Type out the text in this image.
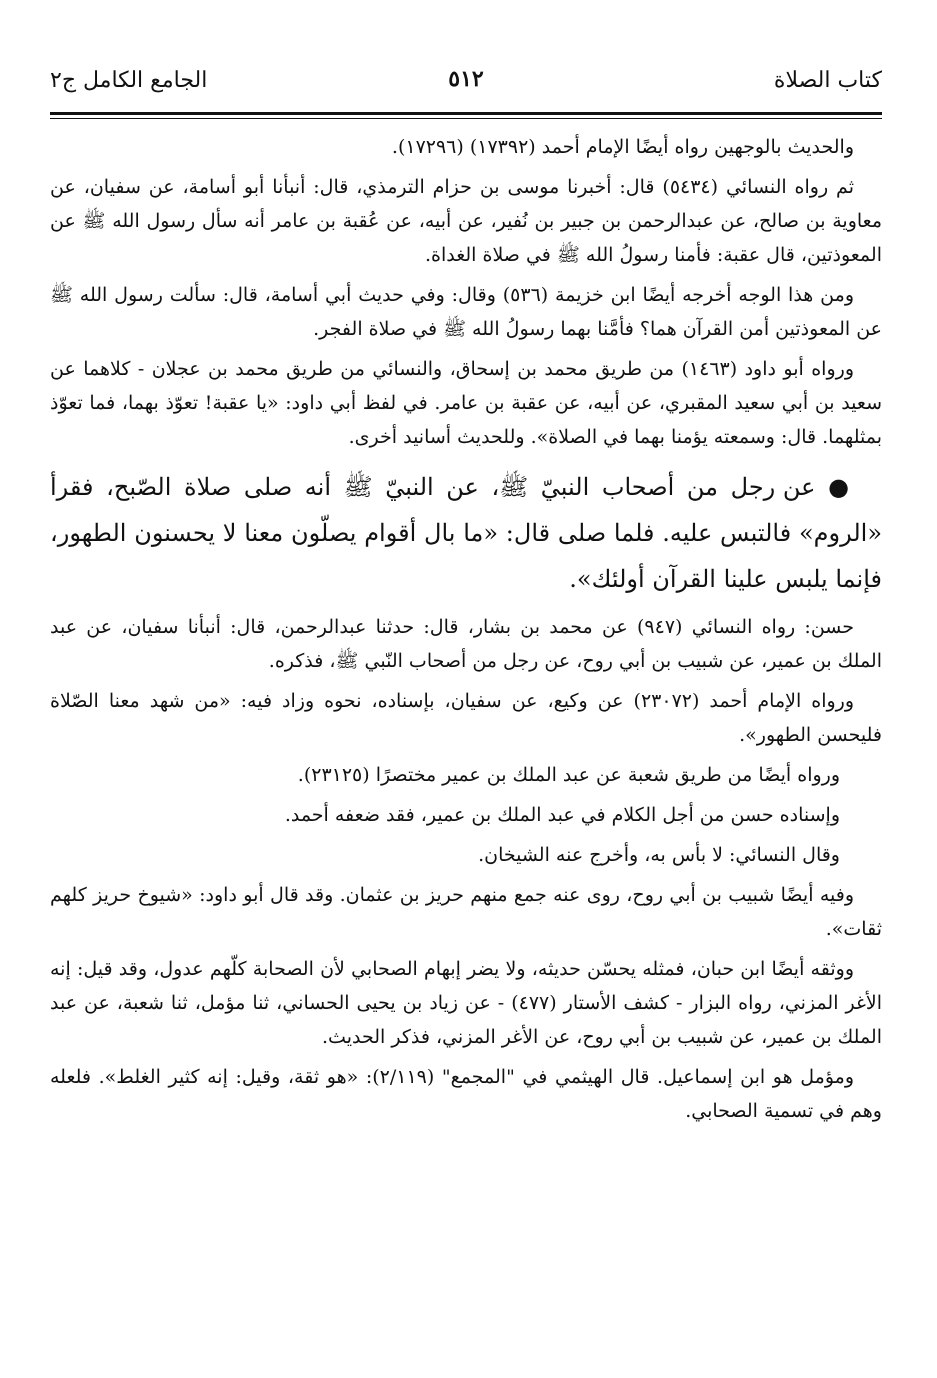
كتاب الصلاة
٥١٢
الجامع الكامل ج٢

والحديث بالوجهين رواه أيضًا الإمام أحمد (١٧٣٩٢) (١٧٢٩٦).

ثم رواه النسائي (٥٤٣٤) قال: أخبرنا موسى بن حزام الترمذي، قال: أنبأنا أبو أسامة، عن سفيان، عن معاوية بن صالح، عن عبدالرحمن بن جبير بن نُفير، عن أبيه، عن عُقبة بن عامر أنه سأل رسول الله ﷺ عن المعوذتين، قال عقبة: فأمنا رسولُ الله ﷺ في صلاة الغداة.

ومن هذا الوجه أخرجه أيضًا ابن خزيمة (٥٣٦) وقال: وفي حديث أبي أسامة، قال: سألت رسول الله ﷺ عن المعوذتين أمن القرآن هما؟ فأمَّنا بهما رسولُ الله ﷺ في صلاة الفجر.

ورواه أبو داود (١٤٦٣) من طريق محمد بن إسحاق، والنسائي من طريق محمد بن عجلان - كلاهما عن سعيد بن أبي سعيد المقبري، عن أبيه، عن عقبة بن عامر. في لفظ أبي داود: «يا عقبة! تعوّذ بهما، فما تعوّذ بمثلهما. قال: وسمعته يؤمنا بهما في الصلاة». وللحديث أسانيد أخرى.

● عن رجل من أصحاب النبيّ ﷺ، عن النبيّ ﷺ أنه صلى صلاة الصّبح، فقرأ «الروم» فالتبس عليه. فلما صلى قال: «ما بال أقوام يصلّون معنا لا يحسنون الطهور، فإنما يلبس علينا القرآن أولئك».

حسن: رواه النسائي (٩٤٧) عن محمد بن بشار، قال: حدثنا عبدالرحمن، قال: أنبأنا سفيان، عن عبد الملك بن عمير، عن شبيب بن أبي روح، عن رجل من أصحاب النّبي ﷺ، فذكره.

ورواه الإمام أحمد (٢٣٠٧٢) عن وكيع، عن سفيان، بإسناده، نحوه وزاد فيه: «من شهد معنا الصّلاة فليحسن الطهور».

ورواه أيضًا من طريق شعبة عن عبد الملك بن عمير مختصرًا (٢٣١٢٥).

وإسناده حسن من أجل الكلام في عبد الملك بن عمير، فقد ضعفه أحمد.

وقال النسائي: لا بأس به، وأخرج عنه الشيخان.

وفيه أيضًا شبيب بن أبي روح، روى عنه جمع منهم حريز بن عثمان. وقد قال أبو داود: «شيوخ حريز كلهم ثقات».

ووثقه أيضًا ابن حبان، فمثله يحسّن حديثه، ولا يضر إبهام الصحابي لأن الصحابة كلّهم عدول، وقد قيل: إنه الأغر المزني، رواه البزار - كشف الأستار (٤٧٧) - عن زياد بن يحيى الحساني، ثنا مؤمل، ثنا شعبة، عن عبد الملك بن عمير، عن شبيب بن أبي روح، عن الأغر المزني، فذكر الحديث.

ومؤمل هو ابن إسماعيل. قال الهيثمي في "المجمع" (٢/١١٩): «هو ثقة، وقيل: إنه كثير الغلط». فلعله وهم في تسمية الصحابي.
